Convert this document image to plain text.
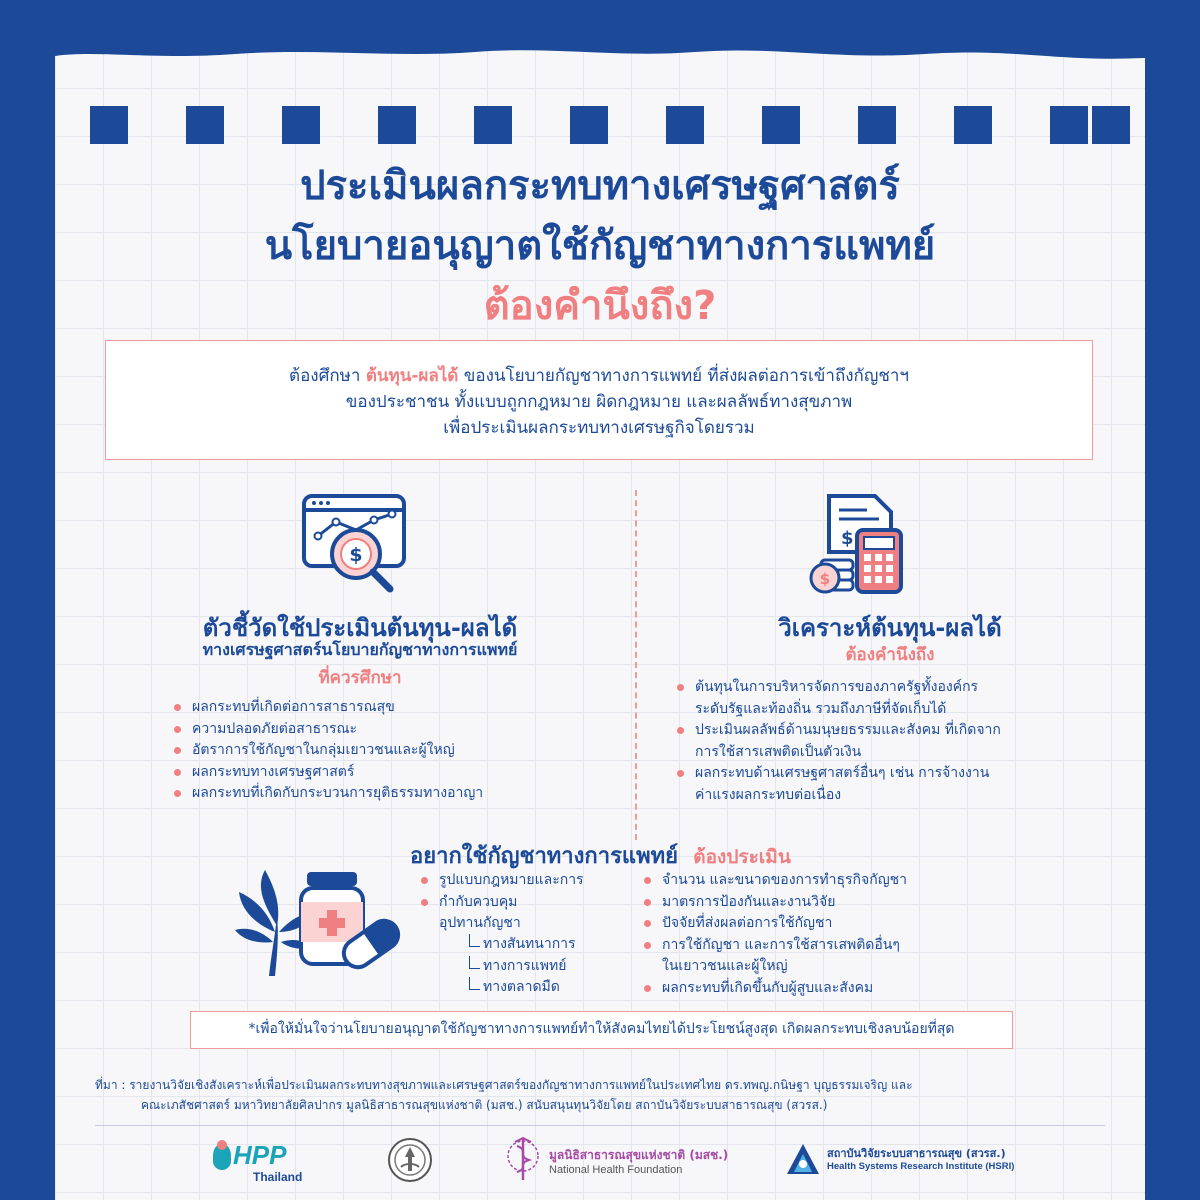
ประเมินผลกระทบทางเศรษฐศาสตร์
นโยบายอนุญาตใช้กัญชาทางการแพทย์
ต้องคำนึงถึง?
ต้องศึกษา ต้นทุน-ผลได้ ของนโยบายกัญชาทางการแพทย์ ที่ส่งผลต่อการเข้าถึงกัญชาฯ
ของประชาชน ทั้งแบบถูกกฎหมาย ผิดกฎหมาย และผลลัพธ์ทางสุขภาพ
เพื่อประเมินผลกระทบทางเศรษฐกิจโดยรวม
$
ตัวชี้วัดใช้ประเมินต้นทุน-ผลได้
ทางเศรษฐศาสตร์นโยบายกัญชาทางการแพทย์
ที่ควรศึกษา
ผลกระทบที่เกิดต่อการสาธารณสุข
ความปลอดภัยต่อสาธารณะ
อัตราการใช้กัญชาในกลุ่มเยาวชนและผู้ใหญ่
ผลกระทบทางเศรษฐศาสตร์
ผลกระทบที่เกิดกับกระบวนการยุติธรรมทางอาญา
$
$
วิเคราะห์ต้นทุน-ผลได้
ต้องคำนึงถึง
ต้นทุนในการบริหารจัดการของภาครัฐทั้งองค์กร
ระดับรัฐและท้องถิ่น รวมถึงภาษีที่จัดเก็บได้
ประเมินผลลัพธ์ด้านมนุษยธรรมและสังคม ที่เกิดจาก
การใช้สารเสพติดเป็นตัวเงิน
ผลกระทบด้านเศรษฐศาสตร์อื่นๆ เช่น การจ้างงาน
ค่าแรงผลกระทบต่อเนื่อง
อยากใช้กัญชาทางการแพทย์ ต้องประเมิน
รูปแบบกฎหมายและการ
กำกับควบคุม
อุปทานกัญชา
ทางสันทนาการ
ทางการแพทย์
ทางตลาดมืด
จำนวน และขนาดของการทำธุรกิจกัญชา
มาตรการป้องกันและงานวิจัย
ปัจจัยที่ส่งผลต่อการใช้กัญชา
การใช้กัญชา และการใช้สารเสพติดอื่นๆ
ในเยาวชนและผู้ใหญ่
ผลกระทบที่เกิดขึ้นกับผู้สูบและสังคม
*เพื่อให้มั่นใจว่านโยบายอนุญาตใช้กัญชาทางการแพทย์ทำให้สังคมไทยได้ประโยชน์สูงสุด เกิดผลกระทบเชิงลบน้อยที่สุด
ที่มา : รายงานวิจัยเชิงสังเคราะห์เพื่อประเมินผลกระทบทางสุขภาพและเศรษฐศาสตร์ของกัญชาทางการแพทย์ในประเทศไทย ดร.ทพญ.กนิษฐา บุญธรรมเจริญ และ
คณะเภสัชศาสตร์ มหาวิทยาลัยศิลปากร มูลนิธิสาธารณสุขแห่งชาติ (มสช.) สนับสนุนทุนวิจัยโดย สถาบันวิจัยระบบสาธารณสุข (สวรส.)
HPP
Thailand
มูลนิธิสาธารณสุขแห่งชาติ (มสช.)
National Health Foundation
สถาบันวิจัยระบบสาธารณสุข (สวรส.)
Health Systems Research Institute (HSRI)
